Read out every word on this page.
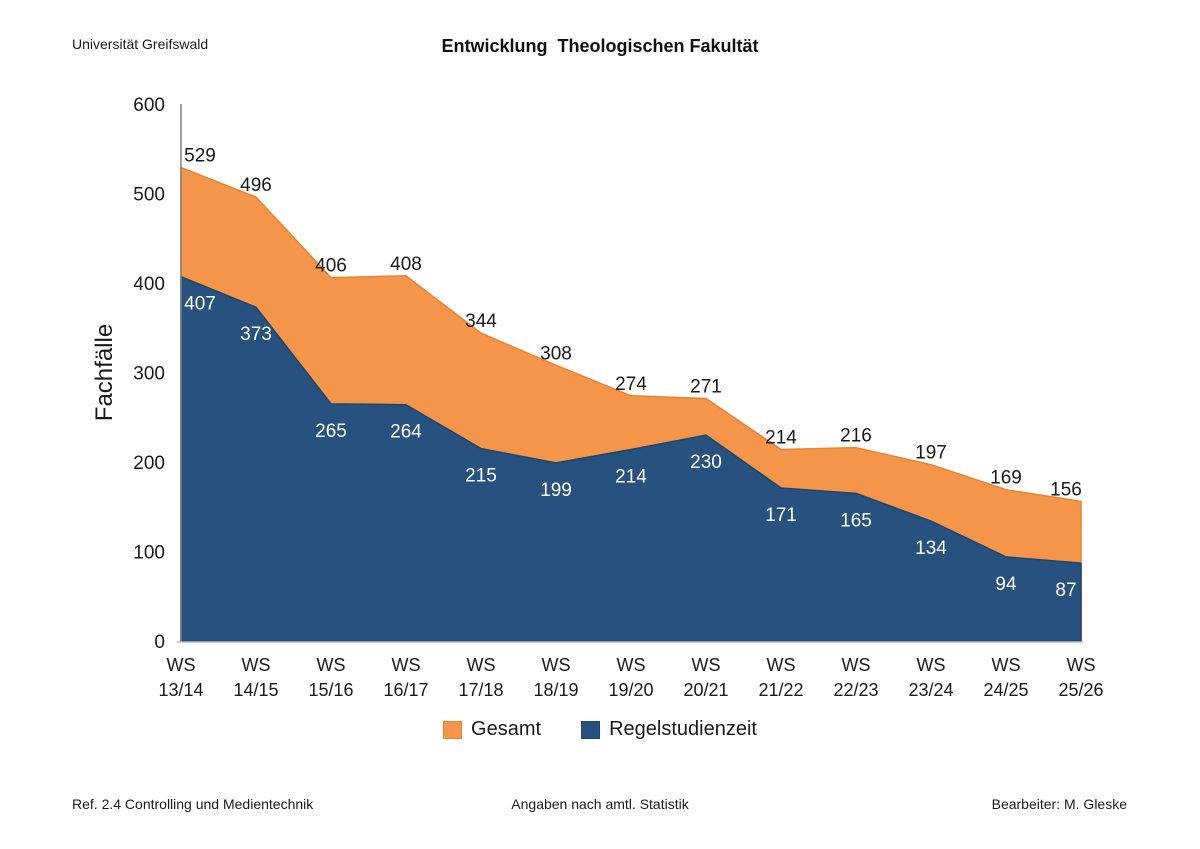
Universität Greifswald	Entwicklung  Theologischen Fakultät
0
100
200
300
400
500
600
Fachfälle
WS
13/14
WS
14/15
WS
15/16
WS
16/17
WS
17/18
WS
18/19
WS
19/20
WS
20/21
WS
21/22
WS
22/23
WS
23/24
WS
24/25
WS
25/26
529
496
406 408
344
308
274 271
214 216
197
169
156
407
373
265 264
215
199
214
230
171 165
134
94 87
Gesamt	Regelstudienzeit
Ref. 2.4 Controlling und Medientechnik	Angaben nach amtl. Statistik	Bearbeiter: M. Gleske
